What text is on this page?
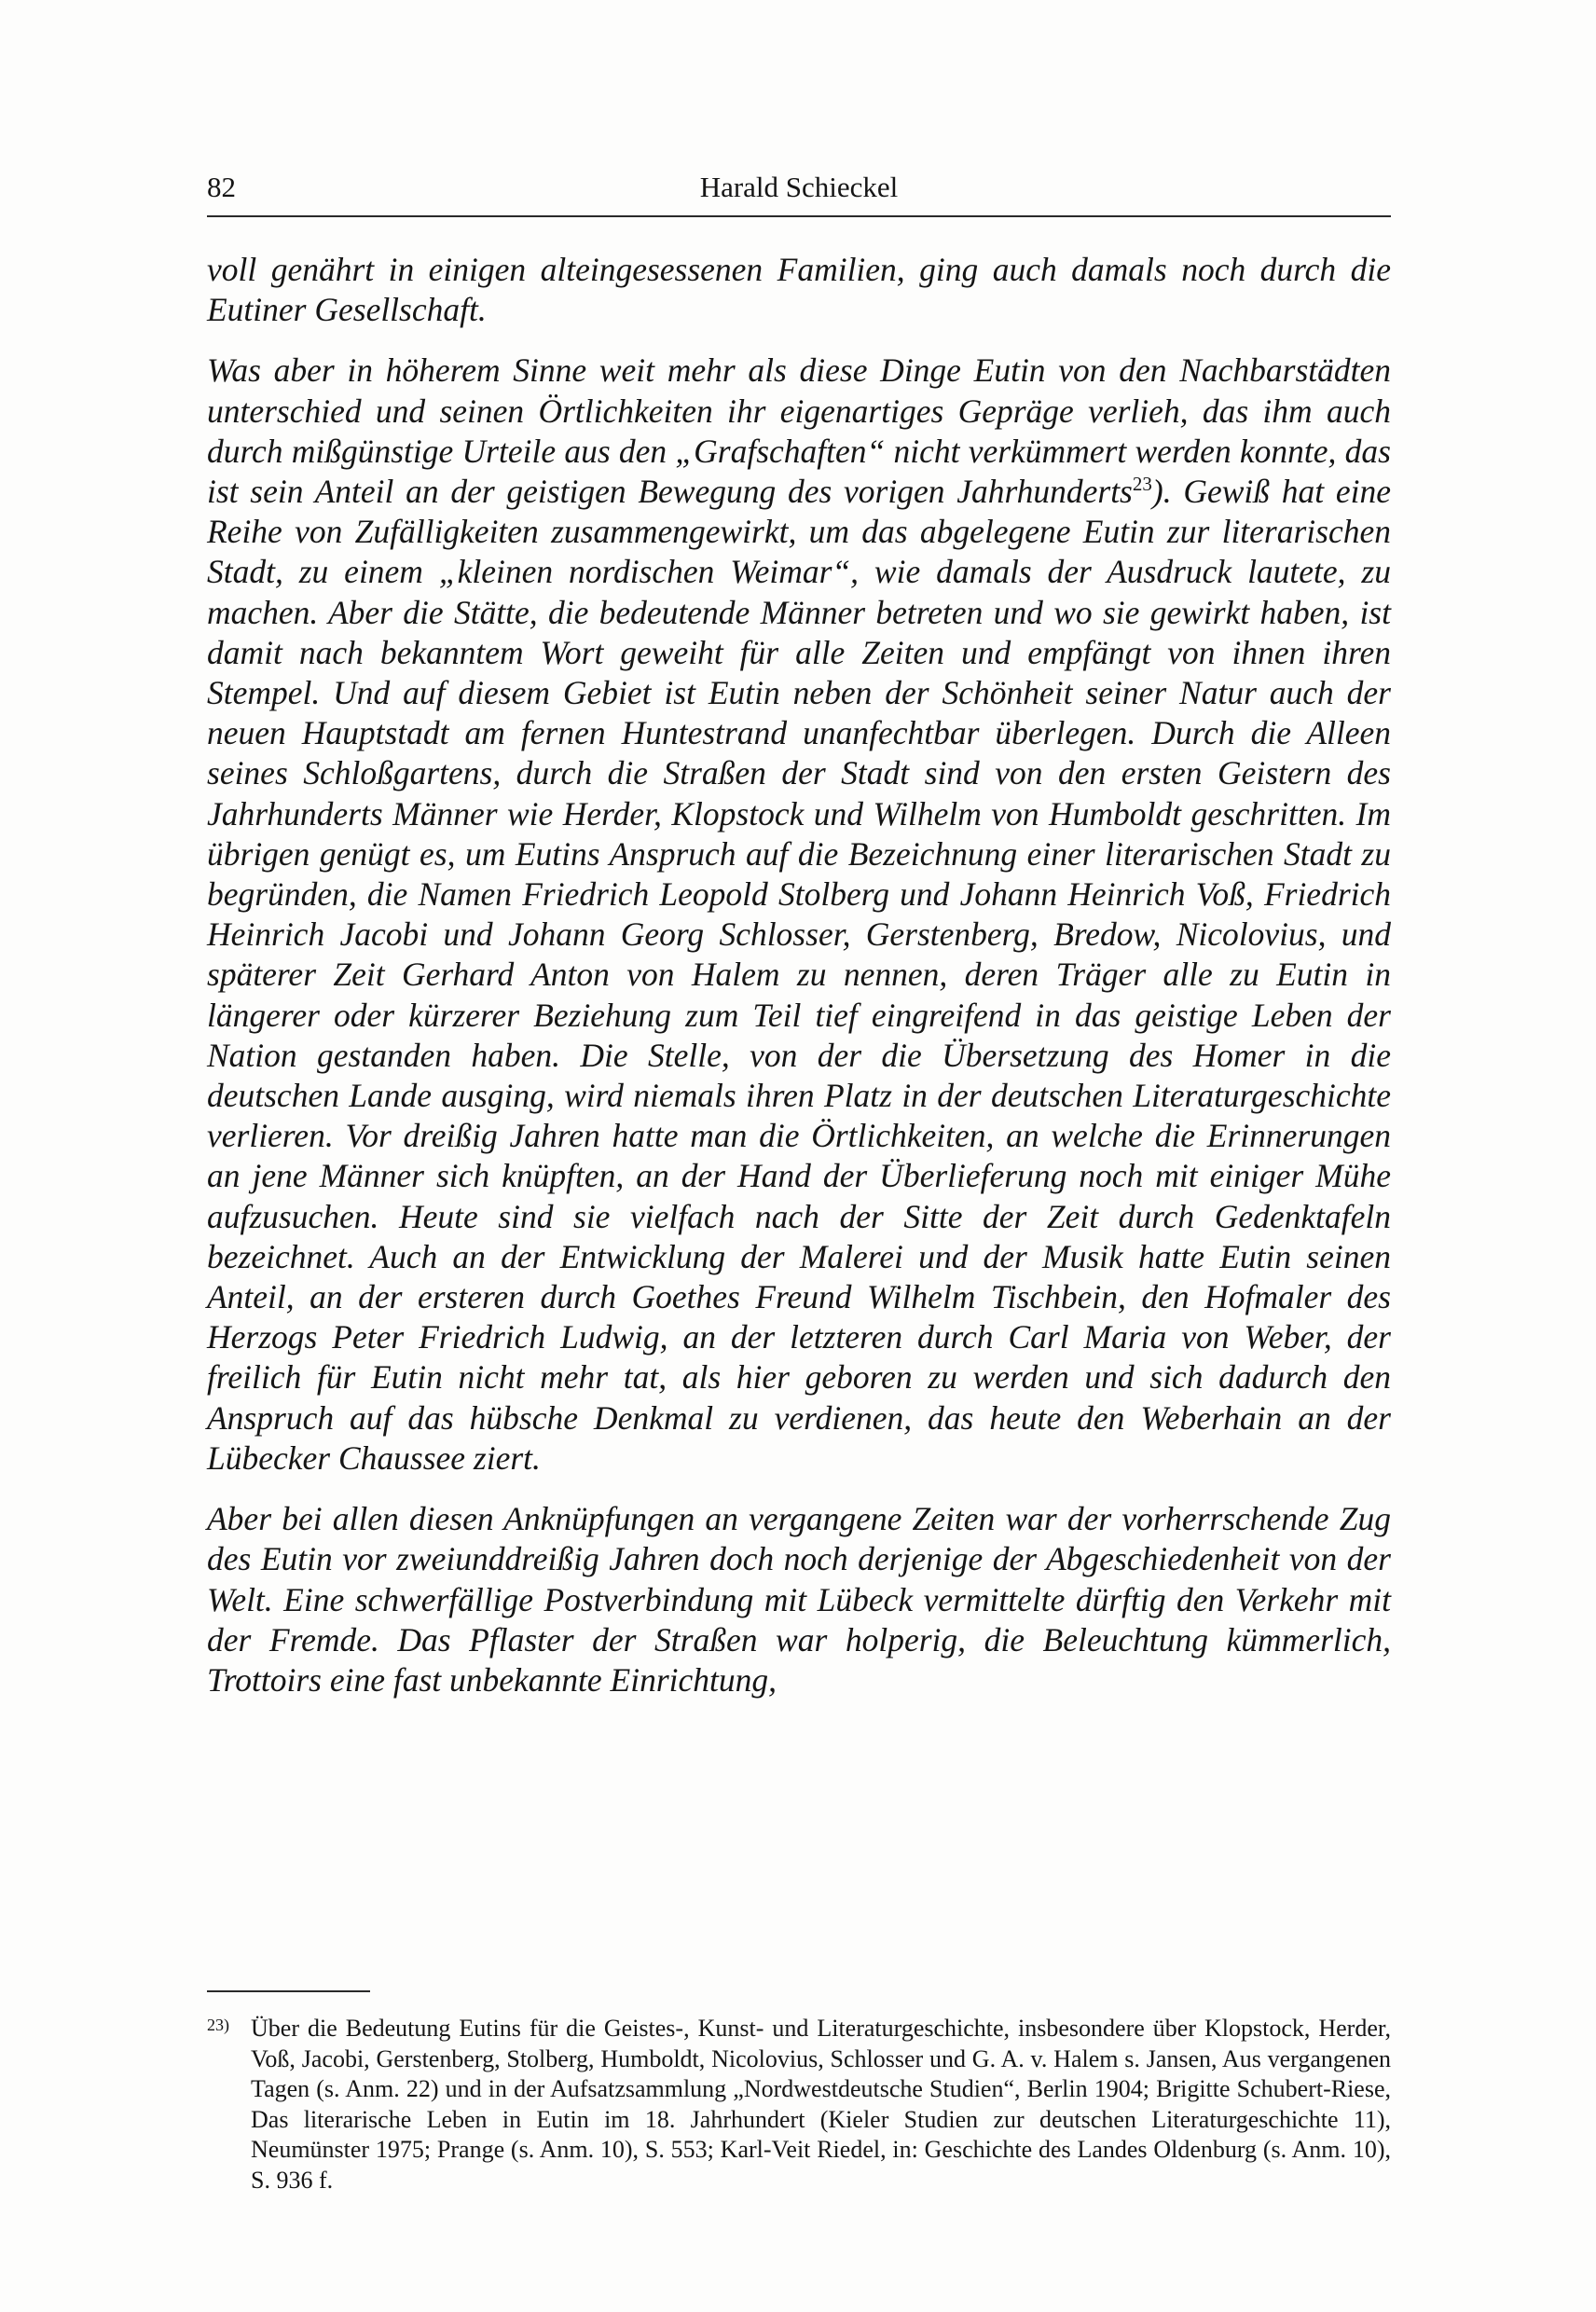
82	Harald Schieckel

voll genährt in einigen alteingesessenen Familien, ging auch damals noch durch die Eutiner Gesellschaft.

Was aber in höherem Sinne weit mehr als diese Dinge Eutin von den Nachbarstädten unterschied und seinen Örtlichkeiten ihr eigenartiges Gepräge verlieh, das ihm auch durch mißgünstige Urteile aus den „Grafschaften“ nicht verkümmert werden konnte, das ist sein Anteil an der geistigen Bewegung des vorigen Jahrhunderts$^{23}$). Gewiß hat eine Reihe von Zufälligkeiten zusammengewirkt, um das abgelegene Eutin zur literarischen Stadt, zu einem „kleinen nordischen Weimar“, wie damals der Ausdruck lautete, zu machen. Aber die Stätte, die bedeutende Männer betreten und wo sie gewirkt haben, ist damit nach bekanntem Wort geweiht für alle Zeiten und empfängt von ihnen ihren Stempel. Und auf diesem Gebiet ist Eutin neben der Schönheit seiner Natur auch der neuen Hauptstadt am fernen Huntestrand unanfechtbar überlegen. Durch die Alleen seines Schloßgartens, durch die Straßen der Stadt sind von den ersten Geistern des Jahrhunderts Männer wie Herder, Klopstock und Wilhelm von Humboldt geschritten. Im übrigen genügt es, um Eutins Anspruch auf die Bezeichnung einer literarischen Stadt zu begründen, die Namen Friedrich Leopold Stolberg und Johann Heinrich Voß, Friedrich Heinrich Jacobi und Johann Georg Schlosser, Gerstenberg, Bredow, Nicolovius, und späterer Zeit Gerhard Anton von Halem zu nennen, deren Träger alle zu Eutin in längerer oder kürzerer Beziehung zum Teil tief eingreifend in das geistige Leben der Nation gestanden haben. Die Stelle, von der die Übersetzung des Homer in die deutschen Lande ausging, wird niemals ihren Platz in der deutschen Literaturgeschichte verlieren. Vor dreißig Jahren hatte man die Örtlichkeiten, an welche die Erinnerungen an jene Männer sich knüpften, an der Hand der Überlieferung noch mit einiger Mühe aufzusuchen. Heute sind sie vielfach nach der Sitte der Zeit durch Gedenktafeln bezeichnet. Auch an der Entwicklung der Malerei und der Musik hatte Eutin seinen Anteil, an der ersteren durch Goethes Freund Wilhelm Tischbein, den Hofmaler des Herzogs Peter Friedrich Ludwig, an der letzteren durch Carl Maria von Weber, der freilich für Eutin nicht mehr tat, als hier geboren zu werden und sich dadurch den Anspruch auf das hübsche Denkmal zu verdienen, das heute den Weberhain an der Lübecker Chaussee ziert.

Aber bei allen diesen Anknüpfungen an vergangene Zeiten war der vorherrschende Zug des Eutin vor zweiunddreißig Jahren doch noch derjenige der Abgeschiedenheit von der Welt. Eine schwerfällige Postverbindung mit Lübeck vermittelte dürftig den Verkehr mit der Fremde. Das Pflaster der Straßen war holperig, die Beleuchtung kümmerlich, Trottoirs eine fast unbekannte Einrichtung,

23) Über die Bedeutung Eutins für die Geistes-, Kunst- und Literaturgeschichte, insbesondere über Klopstock, Herder, Voß, Jacobi, Gerstenberg, Stolberg, Humboldt, Nicolovius, Schlosser und G. A. v. Halem s. Jansen, Aus vergangenen Tagen (s. Anm. 22) und in der Aufsatzsammlung „Nordwestdeutsche Studien“, Berlin 1904; Brigitte Schubert-Riese, Das literarische Leben in Eutin im 18. Jahrhundert (Kieler Studien zur deutschen Literaturgeschichte 11), Neumünster 1975; Prange (s. Anm. 10), S. 553; Karl-Veit Riedel, in: Geschichte des Landes Oldenburg (s. Anm. 10), S. 936 f.
